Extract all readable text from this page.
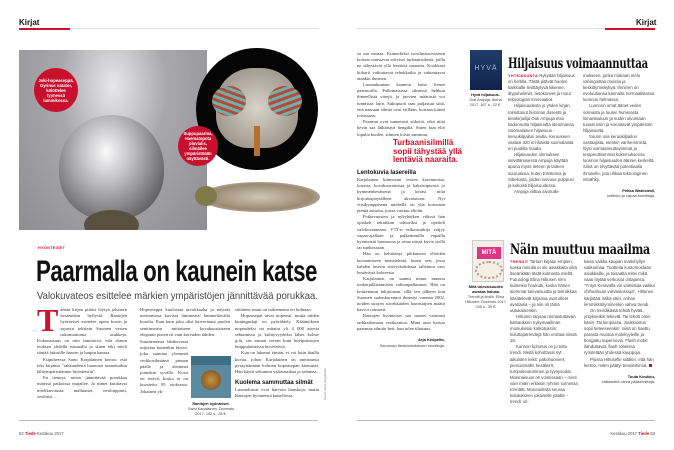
Kirjat
Joki-hopeaseppä, Gyrinus natator, kölöttelee tyynessä lammikossa.
Suppupaarma, Haematopota pluvialis, silmäilee ympäristöään näyttävästi.
HYÖNTEISET
Paarmalla on kaunein katse
Valokuvateos esittelee märkien ympäristöjen jännittävää porukkaa.
T ämän kirjan pitäisi löytyä jokaisen kesämökin hyllystä. Rantojen hyönteiset esittelee upein kuvin ja sujuvin tekstein Suomen vesien uskomattomia asukkeja. Kokonaisuus on niin innostava, että ahmin teoksen yhdellä istumalla ja sitten teki mieli säntää laiturille haavin ja luupin kanssa.

Esipuheessa Sami Karjalainen kertoo, että teki kirjansa "rakkaudesta huonosti tunnettuihin lähiympäristömme hyönteisiin".

En tiennyt, miten jännittävää porukkaa märissä paikoissa majailee. Jo nimet kutittavat mielikuvitusta: malluaiset, vesihiippärit, vesihiisi. . .

Hopeaseppä kuulostaa arvokkaalta ja näyttää useimmissa kuvissa himmeästi kimmeltävältä korulta. Ihan kuin joku olisi kaivertanut puolen senttimetrin mittaiseen kovakuoriaiseen elegantit pisterivit vain koreuden tähden.

Suurimmasta lähikuvasta tuijottaa kuitenkin hirviö, joka suuntaa ylemmät verkkosilmänsä pinnan päälle ja alemmat jonnekin syvälle. Kova on terävä, koska se on koostettu 95 otoksesta. Jokainen yk-

Rantojen hyönteiset.
Sami Karjalainen, Docendo 2017. 192 s., 28 €.

sittäinen ruutu on tarkennettu eri kohtaan.

Hopeasepät uivat nopeasti, mutta niiden kuningaslaji on pyörähtely. Käännöksen nopeudeksi on mitattu yli 4 000 astetta sekunnissa ja kiihtyvyydeksi lähes kolme g:tä, siis saman verran kuin huvipuistojen huippulaitteissa hirveleissä.

Kun on lukenut tämän, ei voi kuin ihailla kuvaa, johon Karjalainen on onnistunut pysäyttämään kolmen hopeasepän kiemurat. Hän käytti sekunnin valotusaikaa ja salamaa.

Kuolema sammuttaa silmät

Luontokuvat ovat harvoin hauskoja, mutta Rantojen hyönteisiä katsellessa	Kuvat: Sami Karjalainen
62 Tiede Kesäkuu 2017
Kirjat

sa saa nauraa. Esimerkiksi isosilmäsurviaisen koiraat omistavat erityiset turbaanisilmät, joilla ne tähystävät yllä lentäviä naaraita. Kookkaat kiikarit vaikuttavat tehokkailta ja vakuuttavat ainakin ihmisen.

Luomakunnan kaunein katse lienee paarmoilla. Pallomaisissa silmissä hehkuu ihmeellisiä värejä, ja juovien määrästä voi tunnistaa lajin. Sukupuoli taas paljastuu siitä, että naaraan silmät ovat erillään, koiraan kiinni toisissaan.

Paarmat ovat tunnetusti sitkeitä, eikä niitä hevin saa lätkäistyä hengiltä. Sitten kun eliö lopulta kuolee, silmien loisto sammuu.

Lentokuvia lasereilla

Karjalainen kiinnostui vesien korennoista, luteista, kovakuoriaisista ja kaksisiipisistä jo kymmenkesäisenä ja keräsi niitä kirjoituspöytälleen akvaarioon. Nyt viisikymppisenä miehellä on yhä kotonaan pieniä astioita, joissa varttuu eliöitä.

Poikavuosien ja nykyhetken välissä hän opiskeli tekniikan tohtoriksi ja opetteli valokuvaamaan. VTT:n erikoistutkija väijyy vapaa-ajallaan ja palkattomilla vapailla hyönteisiä luonnossa ja ottaa niistä kuvia siellä tai studiossaan.

Hän on kehittänyt pikkuisten eliöiden kuvaamiseen menetelmiä, kuten sen, jossa kahden laserin risteyskohdassa tallentuu otos lentävästä kohteesta.

Karjalainen on saanut muun muassa tiedonjulkistamisen valtionpalkinnon. Hän on koskettanut lukijoitaan, sillä sen jälkeen kun Suomen sudenkorennot ilmestyi vuonna 2002, noiden sirojen siivekkäiden harrastajien määrä kasvoi roimasti.

Rantojen hyönteiset saa monet varmasti tarkkailemaan vesiluontoa. Minä aion katsoa paarmaa silmiin heti, kun tulee tilaisuus.

Arja Kivipelto,
Sanoman tiedetoimituksen toimittaja.
Turbaanisilmillä sopii tähystää yllä lentäviä naaraita.
HYVÄ
Hyvä hiljaisuus.
Outi Ampuja, Atena 2017. 167 s., 22 €.
Hiljaisuus voimaannuttaa

YHTEISKUNTA Nykyään hiljaisuus on kortilla. Tästä pitävät huolen kaikkialle levittäytyvä liikenne, älypuhelimet, tietokoneet ja muut teknologian innovaatiot.

Hiljaisuudesta jo yhden kirjan toimittanut historian dosentti ja tietokirjailija Outi Ampuja etsii kadonnutta hiljaisuutta ideoimansa Suomalainen hiljaisuus -keruukilpailun avulla. Keruuseen vastasi 320 eri-ikäistä suomalaista eri puolilta maata.

Hiljaisuuden olemuksen selvittämisessä Ampuja käyttää apuna myös tieteen ja taiteen suuruuksia, kuten Einsteinia ja Sibeliusta, joiden luovuus pulppusi ja kukoisti hiljaisuudessa.

Ampuja viittaa aivotutki-

mukseen, jonka mukaan melu vahingoittaa muistia ja keskittymiskykyä. Ihminen on evoluutionsa kannalta normaalitilassa luonnon helmassa.

Luonnon omat äänet veden solinasta ja tuulen huminasta linnunlauluun ja suden ulvontaan tuovat esiin ja korostavat ympäristön hiljaisuutta.

Suurin osa keruukilpailun vastaajista, etenkin vanhemmista, löysi voimaannuttavimmat ja terapeuttisimmat kokemuksensa luonnon hiljaisuuden äänten keskeltä. Siinä on elvyttävää potentiaalia ihmiselle, jota uhkaa teknologinen infoähky.

Pekka Wahlstedt,
kriitikko ja vapaa toimittaja.
MITÄ
Mitä tulevaisuuden asiakas haluaa.
Trendit ja ilmiöt. Elina Hiltunen, Docendo 2017. 235 s., 30 €.
Näin muuttuu maailma

TRENDIT Tartuin kirjaan empien, koska minulla ei ole asiakkaita eikä itseänkään tästä kulmasta mieltä. Futurologi Elina Hiltusen nimi kuitenkin houkutti, koska hänen aiemmat tulevaisuutta ja tekniikkaa käsittelevät kirjansa ovat olleet avartavia – ja niin oli tämä uutukainenkin.

Hiltunen tarjoaa riemastuttavan katsauksen nykymaailman moniuloisiin kotkotuksiin; kuluttajatrendejä hän erottaa niissä 18.

Kunnon kohotus on jo tuttu trendi. Meitä kohottavat nyt aikuisten leikit: pakohuoneet, pienoismallit, kesäleirit, turripukeutuminen ja tyynysodat. Moninaisuus on voimissaan – mieti vain miten erilaisin ryhmin somessa törmäät. Moneudesta seuraa kulutukseen jokaiselle jotakin -trendi: vil-

kaise vaikka kaupan maitohyllyn valikoimaa. Tuotteita kustomoidaan asiakkaille, ja toisaalta mitei mikä vaan löytää verkossa ostajansa. "Yritys Keravalla voi valmistaa vaikka chihuahuan varvastossuja", Hiltunen kärjistää. Mikä ettei, onhan lemmikköityminenkin vahva trendi.

On trendikästä tehdä hyvää, yrityksetkin tekevät. Tai tehdä omin käsin. Tai kimpassa. Joukkoistus sopii tieteeseenkin: siinä on haettu parasta muotoa molekyyleille ja bongattu supernovia. Flash mobit ilahduttavat, flash robeissa ryöstetään yhdessä kauppoja.

Plussa Hiltuselle siitäkin, että hän kertoo, miten päätyi trendeihinsä.

Tuula Koukku,
eläkkeellä oleva päätoimittaja.
Kesäkuu 2017 Tiede 63
